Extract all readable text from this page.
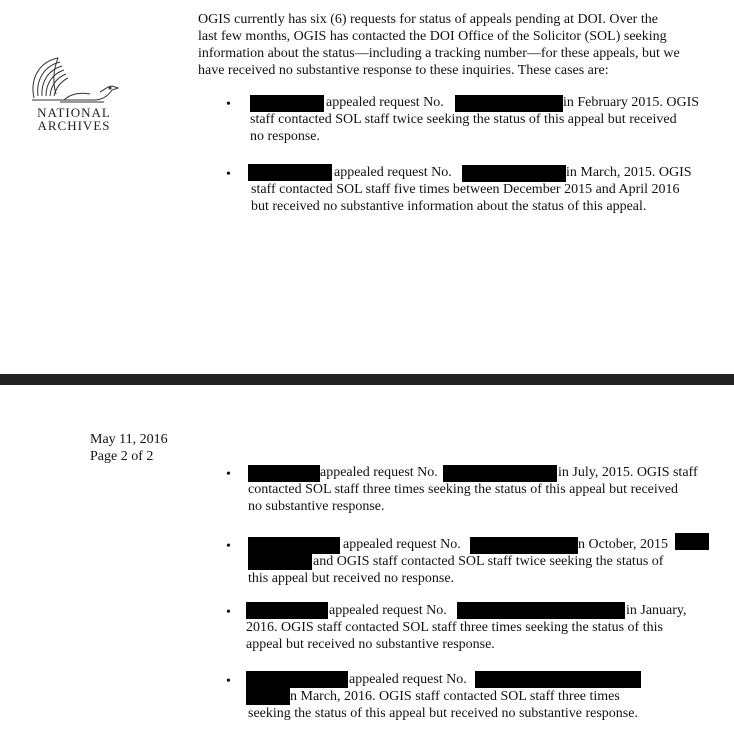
NATIONAL
ARCHIVES
OGIS currently has six (6) requests for status of appeals pending at DOI. Over the
last few months, OGIS has contacted the DOI Office of the Solicitor (SOL) seeking
information about the status—including a tracking number—for these appeals, but we
have received no substantive response to these inquiries. These cases are:
•	appealed request No.	in February 2015. OGIS
staff contacted SOL staff twice seeking the status of this appeal but received
no response.
•	appealed request No.	in March, 2015. OGIS
staff contacted SOL staff five times between December 2015 and April 2016
but received no substantive information about the status of this appeal.
May 11, 2016
Page 2 of 2
•	appealed request No.	in July, 2015. OGIS staff
contacted SOL staff three times seeking the status of this appeal but received
no substantive response.
•	appealed request No.	n October, 2015
and OGIS staff contacted SOL staff twice seeking the status of
this appeal but received no response.
•	appealed request No.	in January,
2016. OGIS staff contacted SOL staff three times seeking the status of this
appeal but received no substantive response.
•	appealed request No.
n March, 2016. OGIS staff contacted SOL staff three times
seeking the status of this appeal but received no substantive response.
